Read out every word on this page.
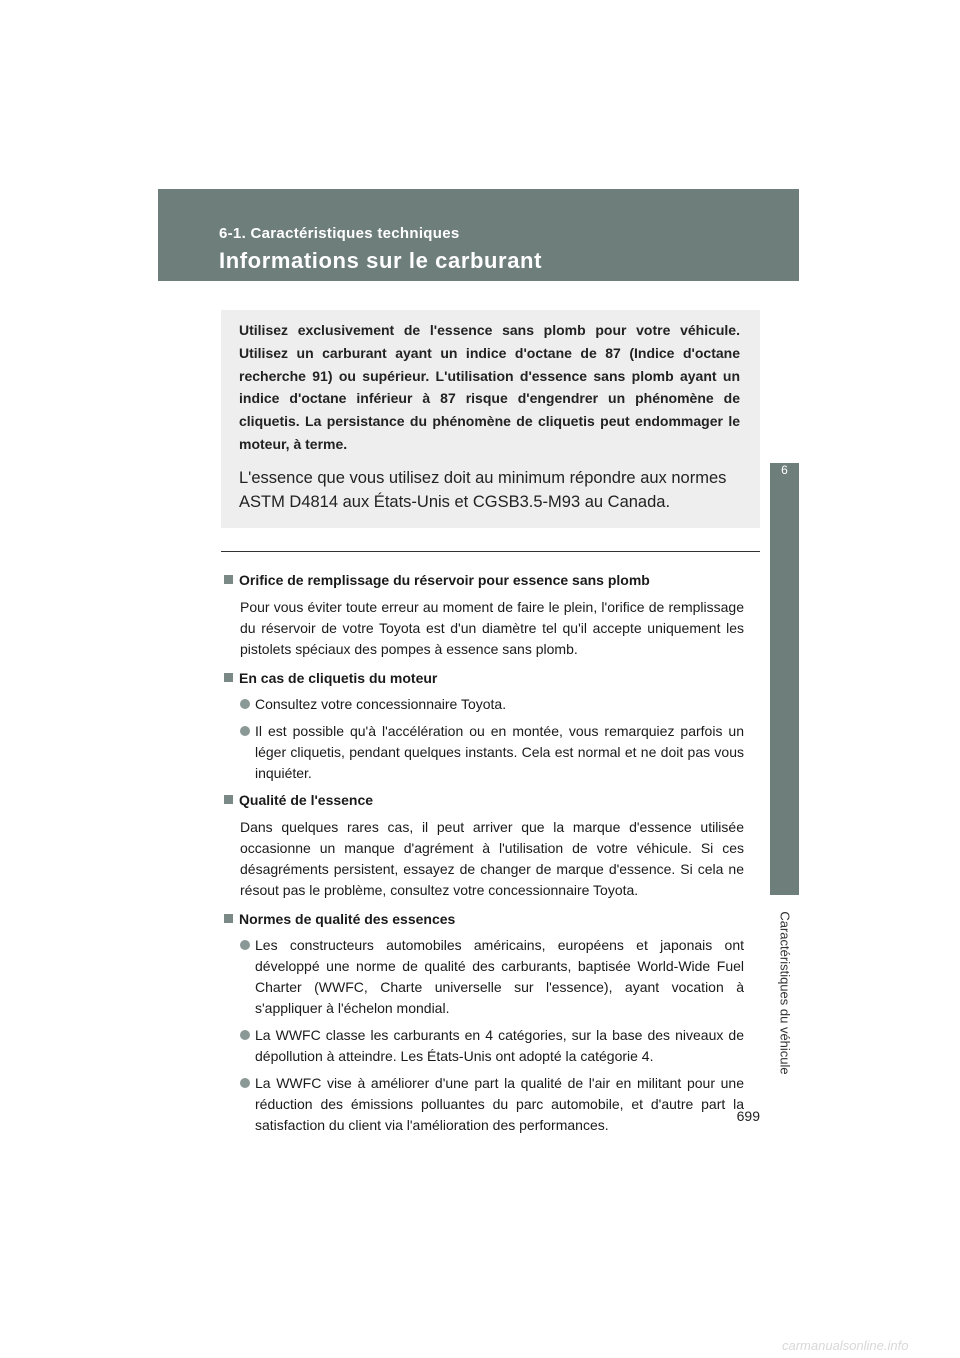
6-1. Caractéristiques techniques
Informations sur le carburant
6
Caractéristiques du véhicule

Utilisez exclusivement de l'essence sans plomb pour votre véhicule. Utilisez un carburant ayant un indice d'octane de 87 (Indice d'octane recherche 91) ou supérieur. L'utilisation d'essence sans plomb ayant un indice d'octane inférieur à 87 risque d'engendrer un phénomène de cliquetis. La persistance du phénomène de cliquetis peut endommager le moteur, à terme.

L'essence que vous utilisez doit au minimum répondre aux normes ASTM D4814 aux États-Unis et CGSB3.5-M93 au Canada.

Orifice de remplissage du réservoir pour essence sans plomb

Pour vous éviter toute erreur au moment de faire le plein, l'orifice de remplissage du réservoir de votre Toyota est d'un diamètre tel qu'il accepte uniquement les pistolets spéciaux des pompes à essence sans plomb.

En cas de cliquetis du moteur
Consultez votre concessionnaire Toyota.
Il est possible qu'à l'accélération ou en montée, vous remarquiez parfois un léger cliquetis, pendant quelques instants. Cela est normal et ne doit pas vous inquiéter.
Qualité de l'essence

Dans quelques rares cas, il peut arriver que la marque d'essence utilisée occasionne un manque d'agrément à l'utilisation de votre véhicule. Si ces désagréments persistent, essayez de changer de marque d'essence. Si cela ne résout pas le problème, consultez votre concessionnaire Toyota.

Normes de qualité des essences
Les constructeurs automobiles américains, européens et japonais ont développé une norme de qualité des carburants, baptisée World-Wide Fuel Charter (WWFC, Charte universelle sur l'essence), ayant vocation à s'appliquer à l'échelon mondial.
La WWFC classe les carburants en 4 catégories, sur la base des niveaux de dépollution à atteindre. Les États-Unis ont adopté la catégorie 4.
La WWFC vise à améliorer d'une part la qualité de l'air en militant pour une réduction des émissions polluantes du parc automobile, et d'autre part la satisfaction du client via l'amélioration des performances.
699
carmanualsonline.info
